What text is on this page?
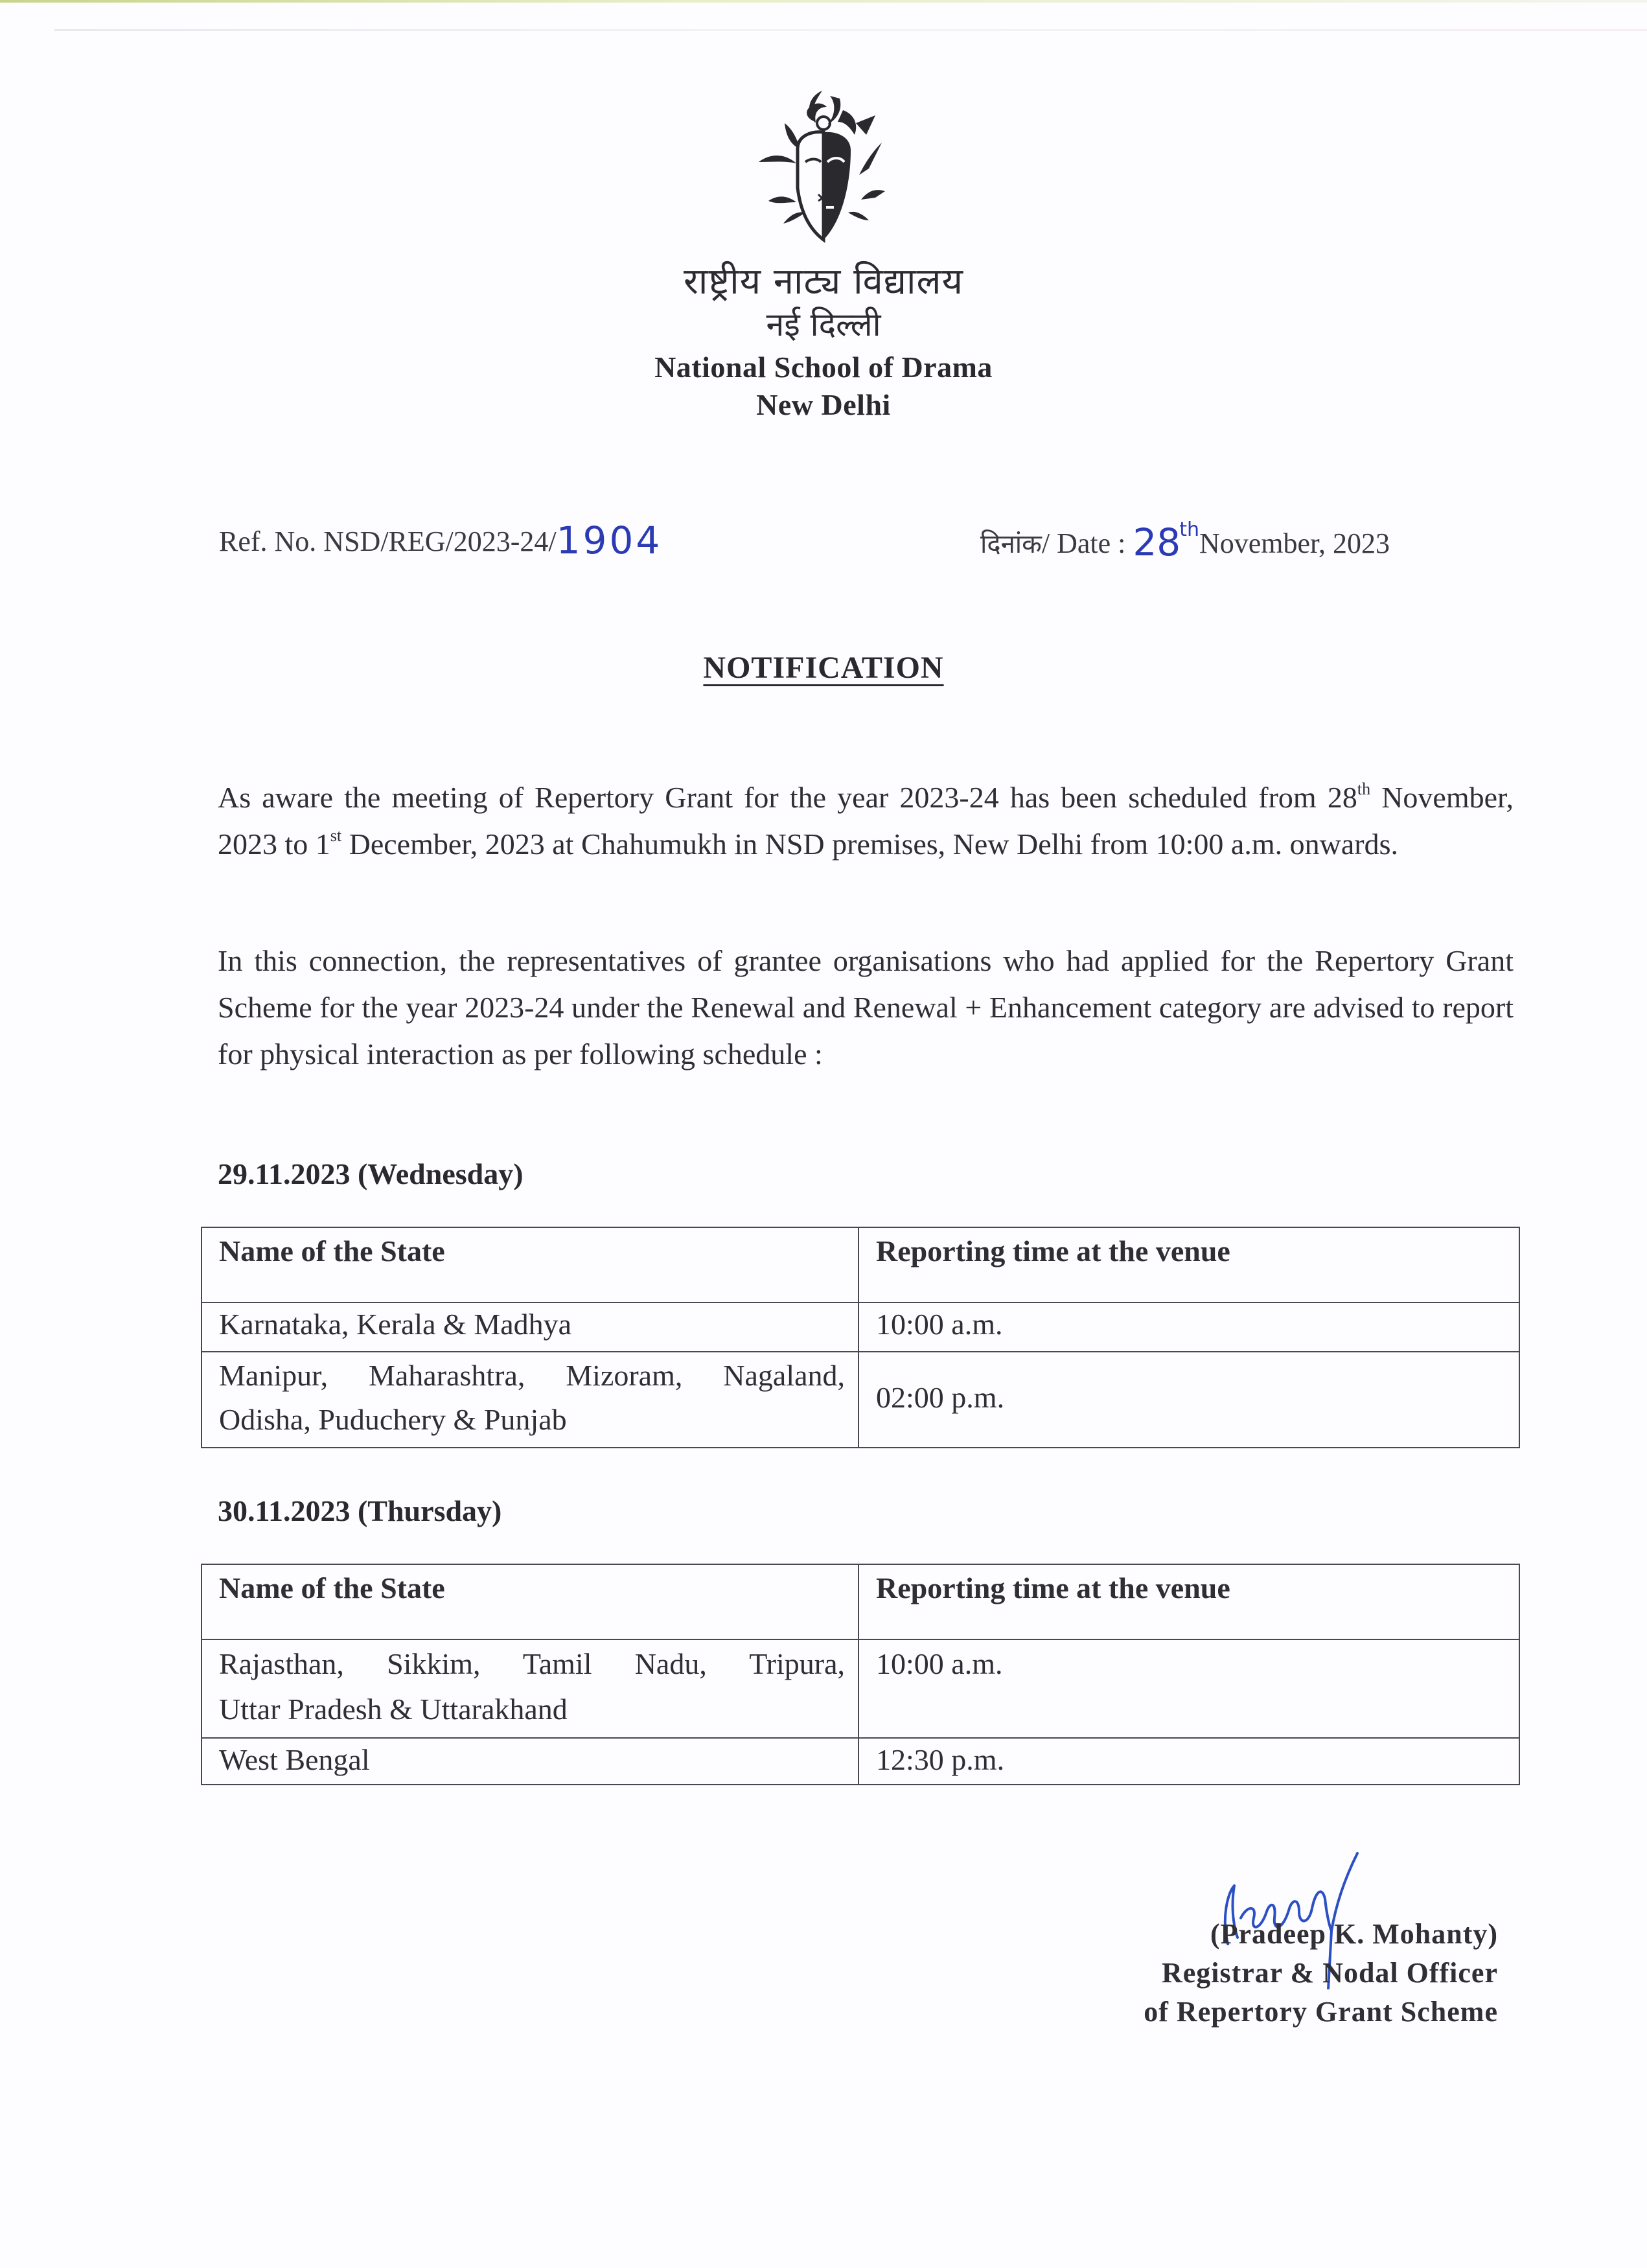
राष्ट्रीय नाट्य विद्यालय
नई दिल्ली
National School of Drama
New Delhi
Ref. No. NSD/REG/2023-24/1904	दिनांक/ Date : 28thNovember, 2023
NOTIFICATION
As aware the meeting of Repertory Grant for the year 2023-24 has been scheduled from 28th November, 2023 to 1st December, 2023 at Chahumukh in NSD premises, New Delhi from 10:00 a.m. onwards.
In this connection, the representatives of grantee organisations who had applied for the Repertory Grant Scheme for the year 2023-24 under the Renewal and Renewal + Enhancement category are advised to report for physical interaction as per following schedule :
29.11.2023 (Wednesday)
Name of the State	Reporting time at the venue
Karnataka, Kerala & Madhya	10:00 a.m.

Manipur, Maharashtra, Mizoram, Nagaland,
Odisha, Puduchery & Punjab	02:00 p.m.
30.11.2023 (Thursday)
Name of the State	Reporting time at the venue

Rajasthan, Sikkim, Tamil Nadu, Tripura,
Uttar Pradesh & Uttarakhand	10:00 a.m.
West Bengal	12:30 p.m.
(Pradeep K. Mohanty)
Registrar & Nodal Officer
of Repertory Grant Scheme
